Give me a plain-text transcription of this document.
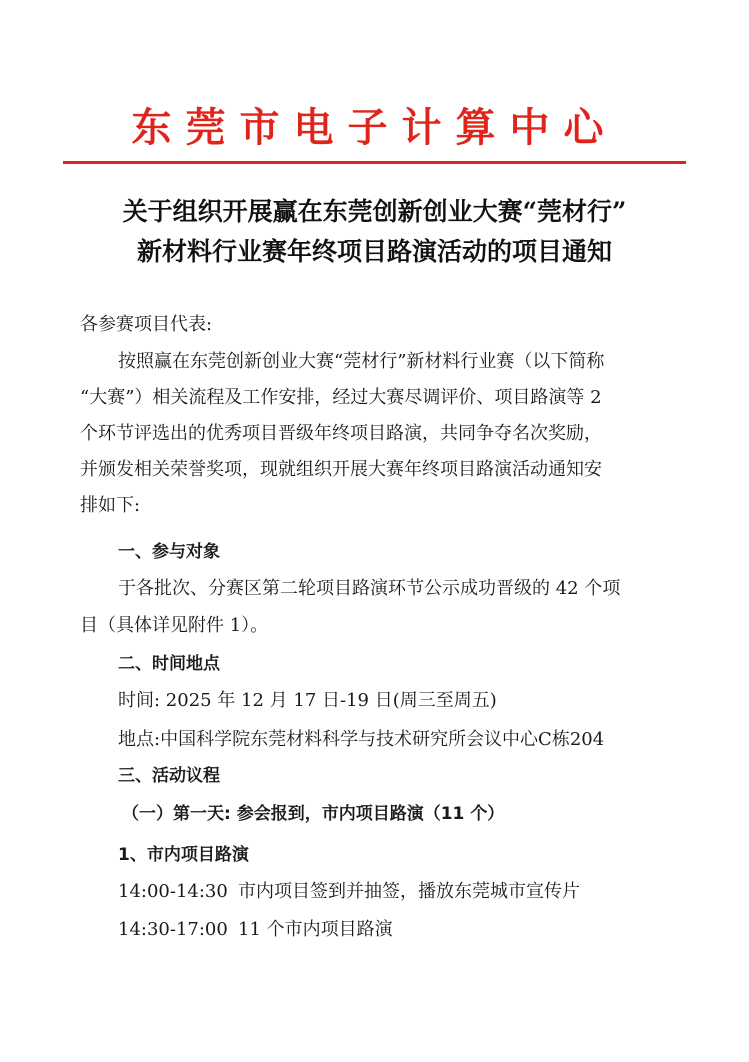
东莞市电子计算中心
关于组织开展赢在东莞创新创业大赛“莞材行”
新材料行业赛年终项目路演活动的项目通知
各参赛项目代表:
按照赢在东莞创新创业大赛“莞材行”新材料行业赛（以下简称
“大赛”）相关流程及工作安排，经过大赛尽调评价、项目路演等 2
个环节评选出的优秀项目晋级年终项目路演，共同争夺名次奖励，
并颁发相关荣誉奖项，现就组织开展大赛年终项目路演活动通知安
排如下:
一、参与对象
于各批次、分赛区第二轮项目路演环节公示成功晋级的 42 个项
目（具体详见附件 1）。
二、时间地点
时间: 2025 年 12 月 17 日-19 日(周三至周五)
地点:中国科学院东莞材料科学与技术研究所会议中心C栋204
三、活动议程
（一）第一天: 参会报到，市内项目路演（11 个）
1、市内项目路演
14:00-14:30 市内项目签到并抽签，播放东莞城市宣传片
14:30-17:00 11 个市内项目路演
